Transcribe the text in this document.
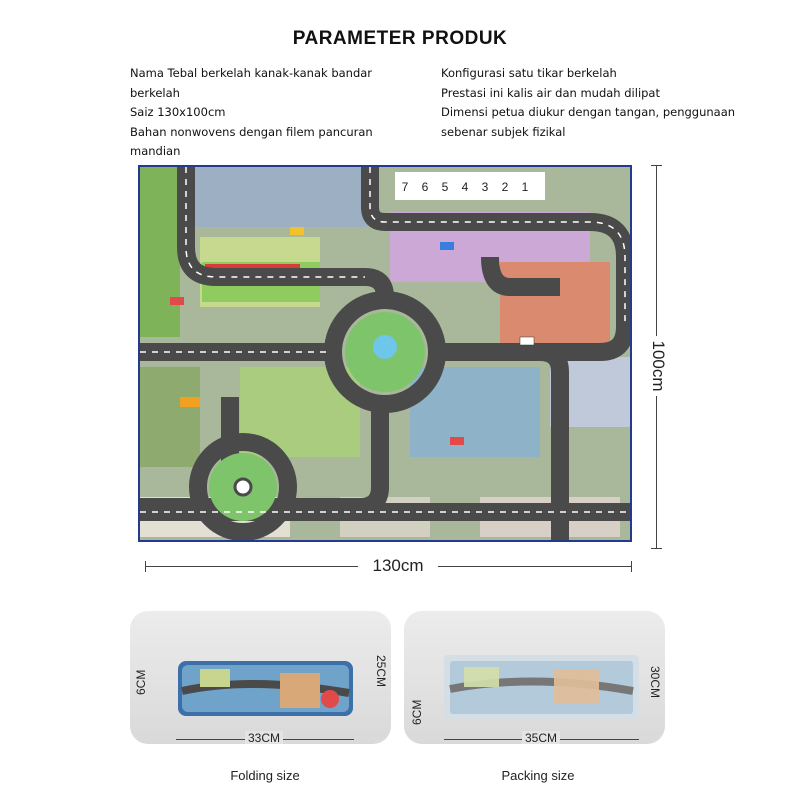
PARAMETER PRODUK
Nama Tebal berkelah kanak-kanak bandar berkelah
Saiz 130x100cm
Bahan nonwovens dengan filem pancuran mandian
Konfigurasi satu tikar berkelah
Prestasi ini kalis air dan mudah dilipat
Dimensi petua diukur dengan tangan, penggunaan sebenar subjek fizikal
BUILD A CIVILIZED CITY
7 6 5 4 3 2 1
100cm
130cm
6CM	25CM
33CM
Folding size
6CM
30CM
35CM
Packing size
